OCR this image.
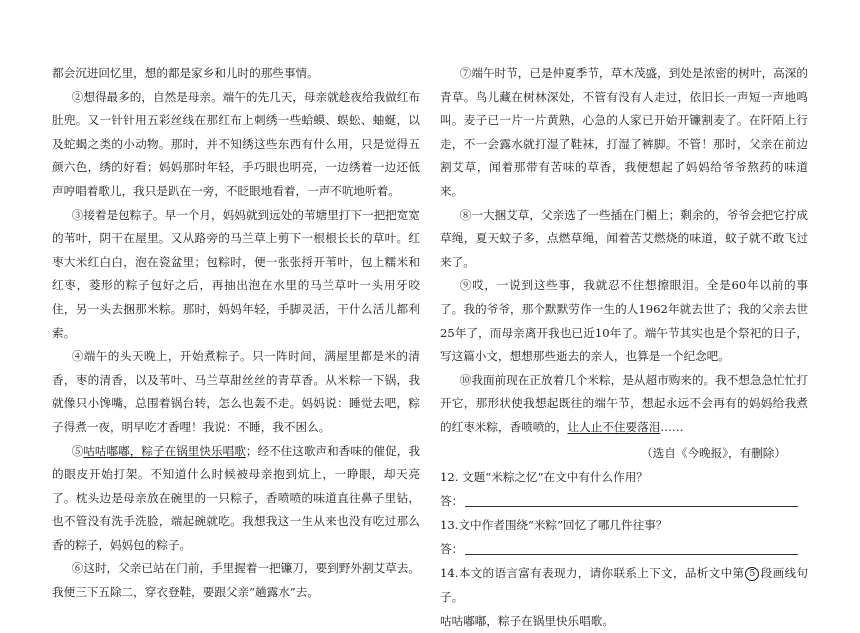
都会沉进回忆里，想的都是家乡和儿时的那些事情。

②想得最多的，自然是母亲。端午的先几天，母亲就趁夜给我做红布肚兜。又一针针用五彩丝线在那红布上刺绣一些蛤蟆、蜈蚣、蚰蜒，以及蛇蝎之类的小动物。那时，并不知绣这些东西有什么用，只是觉得五颜六色，绣的好看；妈妈那时年轻，手巧眼也明亮，一边绣着一边还低声哼唱着歌儿，我只是趴在一旁，不眨眼地看着，一声不吭地听着。

③接着是包粽子。早一个月，妈妈就到远处的苇塘里打下一把把宽宽的苇叶，阴干在屋里。又从路旁的马兰草上剪下一根根长长的草叶。红枣大米红白白，泡在瓷盆里；包粽时，便一张张捋开苇叶，包上糯米和红枣，菱形的粽子包好之后，再抽出泡在水里的马兰草叶一头用牙咬住，另一头去捆那米粽。那时，妈妈年轻，手脚灵活，干什么活儿都利索。

④端午的头天晚上，开始煮粽子。只一阵时间，满屋里都是米的清香，枣的清香，以及苇叶、马兰草甜丝丝的青草香。从米粽一下锅，我就像只小馋嘴，总围着锅台转，怎么也轰不走。妈妈说：睡觉去吧，粽子得煮一夜，明早吃才香哩！我说：不睡，我不困么。

⑤咕咕嘟嘟，粽子在锅里快乐唱歌；经不住这歌声和香味的催促，我的眼皮开始打架。不知道什么时候被母亲抱到炕上，一睁眼，却天亮了。枕头边是母亲放在碗里的一只粽子，香喷喷的味道直往鼻子里钻，也不管没有洗手洗脸，端起碗就吃。我想我这一生从来也没有吃过那么香的粽子，妈妈包的粽子。

⑥这时，父亲已站在门前，手里握着一把镰刀，要到野外割艾草去。我便三下五除二，穿衣登鞋，要跟父亲“趟露水”去。

⑦端午时节，已是仲夏季节，草木茂盛，到处是浓密的树叶，高深的青草。鸟儿藏在树林深处，不管有没有人走过，依旧长一声短一声地鸣叫。麦子已一片一片黄熟，心急的人家已开始开镰割麦了。在阡陌上行走，不一会露水就打湿了鞋袜，打湿了裤脚。不管！那时，父亲在前边割艾草，闻着那带有苦味的草香，我便想起了妈妈给爷爷熬药的味道来。

⑧一大捆艾草，父亲选了一些插在门楣上；剩余的，爷爷会把它拧成草绳，夏天蚊子多，点燃草绳，闻着苦艾燃烧的味道，蚊子就不敢飞过来了。

⑨哎，一说到这些事，我就忍不住想擦眼泪。全是60年以前的事了。我的爷爷，那个默默劳作一生的人1962年就去世了；我的父亲去世25年了，而母亲离开我也已近10年了。端午节其实也是个祭祀的日子，写这篇小文，想想那些逝去的亲人，也算是一个纪念吧。

⑩我面前现在正放着几个米粽，是从超市购来的。我不想急急忙忙打开它，那形状使我想起既往的端午节，想起永远不会再有的妈妈给我煮的红枣米粽，香喷喷的，让人止不住要落泪……

（选自《今晚报》，有删除）

12. 文题“米粽之忆”在文中有什么作用？

答：

13.文中作者围绕“米粽”回忆了哪几件往事？

答：

14.本文的语言富有表现力，请你联系上下文，品析文中第 5 段画线句子。

咕咕嘟嘟，粽子在锅里快乐唱歌。
